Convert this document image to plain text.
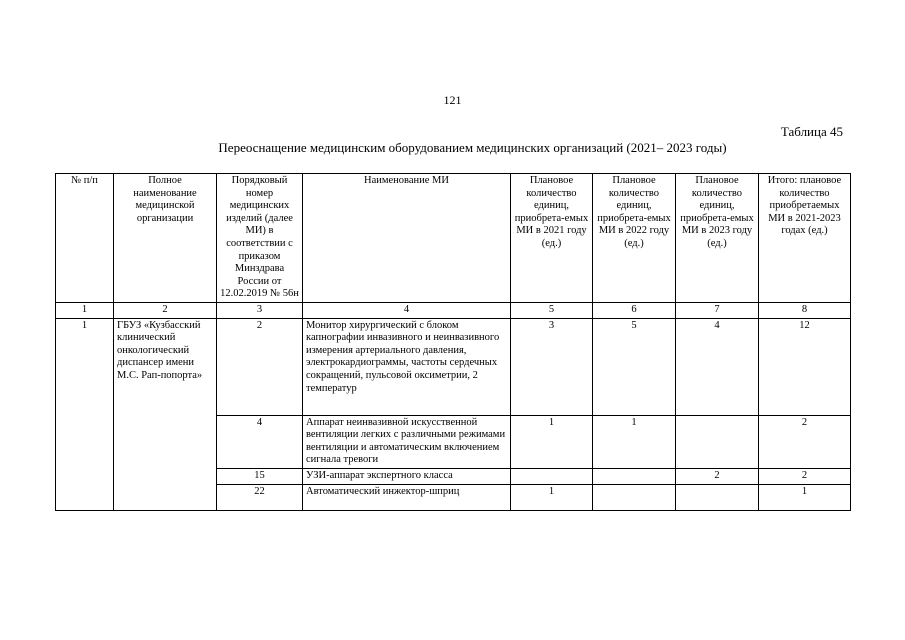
121
Таблица 45
Переоснащение медицинским оборудованием медицинских организаций (2021– 2023 годы)
№ п/п	Полное наименование медицинской организации	Порядковый номер медицинских изделий (далее МИ) в соответствии с приказом Минздрава России от 12.02.2019 № 56н	Наименование МИ	Плановое количество единиц, приобрета-емых МИ в 2021 году (ед.)	Плановое количество единиц, приобрета-емых МИ в 2022 году (ед.)	Плановое количество единиц, приобрета-емых МИ в 2023 году (ед.)	Итого: плановое количество приобретаемых МИ в 2021-2023 годах (ед.)
1	2	3	4	5	6	7	8
1	ГБУЗ «Кузбасский клинический онкологический диспансер имени М.С. Рап-попорта»	2	Монитор хирургический с блоком капнографии инвазивного и неинвазивного измерения артериального давления, электрокардиограммы, частоты сердечных сокращений, пульсовой оксиметрии, 2 температур	3	5	4	12
		4	Аппарат неинвазивной искусственной вентиляции легких с различными режимами вентиляции и автоматическим включением сигнала тревоги	1	1		2
		15	УЗИ-аппарат экспертного класса			2	2
		22	Автоматический инжектор-шприц	1			1
